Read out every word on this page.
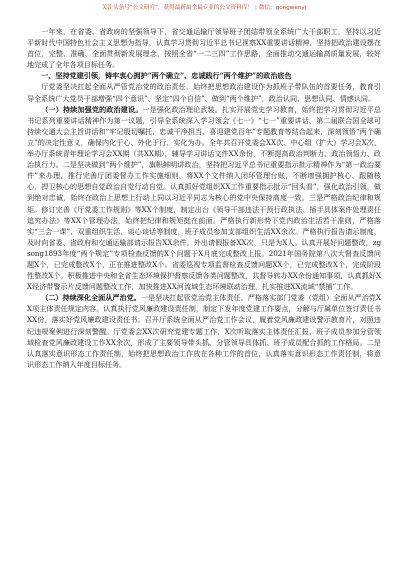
关注头条号“公文研究”，获得最新最全最专业的公文资料库！ | 微信：gongwenyj

一年来，在省委、省政府的坚强领导下，省交通运输厅领导班子团结带领全系统广大干部职工，坚持以习近平新时代中国特色社会主义思想为指导，认真学习贯彻习近平总书记视察XX重要讲话精神，坚持把政治建设摆在首位，完整、准确、全面贯彻新发展理念，按照全省“一二三四”工作思路，全面推动交通运输高质量发展，较好地完成了全年各项目标任务。

一、坚持党建引领，铸牢衷心拥护“两个确立”、忠诚践行“两个维护”的政治底色

厅党委坚决扛起全面从严管党治党的政治责任，始终把思想政治建设作为抓班子带队伍的首要任务，教育引导全系统广大党员干部增强“四个意识”、坚定“四个自信”、做到“两个维护”，政治认同、思想认同、情感认同。

（一）持续加强党的政治建设。一是强化政治理论武装。扎实开展党史学习教育，始终把学习贯彻习近平总书记系列重要讲话精神作为第一议题，引导全系统深入学习领会《七一》“七一”重要讲话、第二届联合国全球可持续交通大会主旨讲话和“牢记殷切嘱托、忠诚干净担当、喜迎建党百年”专题教育等结合起来，深刻领悟“两个确立”的决定性意义，确保内化于心、外化于行、实化为办。全年共召开党委会XX次、中心组（扩大）学习会X次，举办厅系统青年理论学习会XX期（共XX期），辅导学习讲话文件XX余份，不断提高政治判断力、政治领悟力、政治执行力。二是坚决做到“两个维护”，旗帜鲜明讲政治，坚持把习近平总书记重要指示批示精神作为“第一政治要件”来办理，推行完善厅团委督办工作实施细则，将XX个文件纳入闭环管理台账，不断增强拥护核心、跟随核心、捍卫核心的思想自觉政治自觉行动自觉。认真抓好党组织XX工作重要指示批示“回头看”，强化政治引领，做到绝对忠诚，始终在政治上思想上行动上同以习近平同志为核心的党中央保持高度一致。三是严格政治纪律和规矩。修订完善《厅党委工作规则》等XX个制度，制定出台《领导干部违法干预行政执法、插手具体案件处理责任追究办法》等XX个管理办法，始终把纪律和规矩挺在前面。严格执行新形势下党内政治生活若干准则，严格落实“三会一课”、双重组织生活、谈心谈话等制度，班子成员参加支部组织生活XX余次。严格执行报告请示制度，及时向省委、省政府和交通运输部请示报告XX余件。外出请假报备XX次，只是为X人。认真开展好问题整改，zgsong1893年度“两个规定”专项检查反馈的X个问题于X月底完成整改上报。2021年国务院第八次大督查反馈问题X个，已完成整改X个，正在推进整改X个。省委巡视专项监督检查反馈问题XX个，已完成整改X个，完成阶段性整改X个。积极推进中央和全省生态环境保护督察反馈各类问题整改，共督导转办XX余份通知事项，认真抓好XX经济带警示片反馈问题整改工作，加快推进XX河流域生态环境联动治理，扎实推进XX流域“禁捕”工作。

（二）持续深化全面从严治党。一是坚决扛起管党治党主体责任。严格落实部门党委（党组）全面从严治党XX项主体责任规定内容。认真执行党风廉政建设责任制，制定下发年度党建工作要点，分解与厅属单位签订责任书XX份，落实好党风廉政建设责任书。召开厅系统全面从严治党工作会议，履着党风廉政建设警示教育片，对照违纪违规案例进行深刻警醒。厅党委会XX次研究党建专题工作，X次听取落实主体责任汇报，班子成员参加分管领域检查党风廉政建设工作XX余次，形成了主要领导带头抓、分管领导具体抓、班子成员配合抓的工作格局。二是认真落实意识形态工作责任制，始终把思想政治工作放在各种工作的首位，认真落实意识形态工作责任制，将意识形态工作纳入年度目标任务。
